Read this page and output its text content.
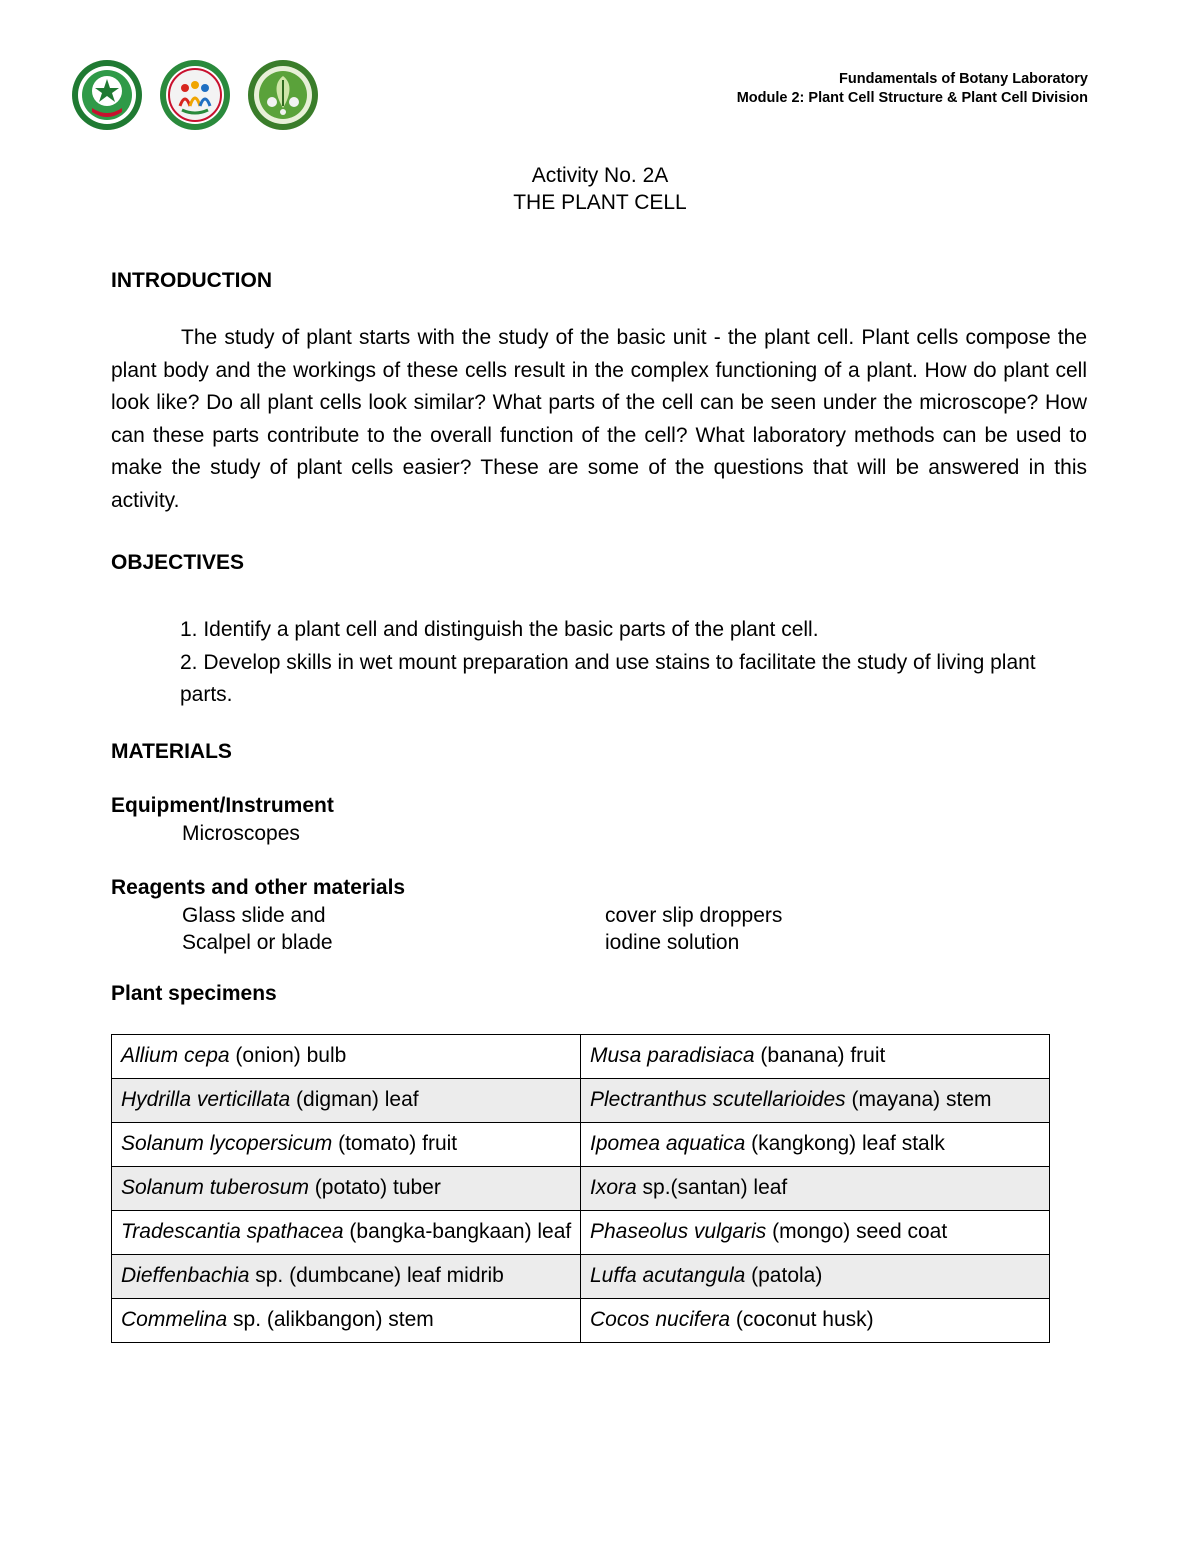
Fundamentals of Botany Laboratory
Module 2: Plant Cell Structure & Plant Cell Division
Activity No. 2A
THE PLANT CELL
INTRODUCTION
The study of plant starts with the study of the basic unit - the plant cell. Plant cells compose the plant body and the workings of these cells result in the complex functioning of a plant. How do plant cell look like? Do all plant cells look similar? What parts of the cell can be seen under the microscope? How can these parts contribute to the overall function of the cell? What laboratory methods can be used to make the study of plant cells easier? These are some of the questions that will be answered in this activity.
OBJECTIVES

1. Identify a plant cell and distinguish the basic parts of the plant cell.

2. Develop skills in wet mount preparation and use stains to facilitate the study of living plant parts.

MATERIALS
Equipment/Instrument
Microscopes
Reagents and other materials
Glass slide and
Scalpel or blade
cover slip droppers
iodine solution
Plant specimens
Allium cepa (onion) bulb	Musa paradisiaca (banana) fruit
Hydrilla verticillata (digman) leaf	Plectranthus scutellarioides (mayana) stem
Solanum lycopersicum (tomato) fruit	Ipomea aquatica (kangkong) leaf stalk
Solanum tuberosum (potato) tuber	Ixora sp.(santan) leaf
Tradescantia spathacea (bangka-bangkaan) leaf	Phaseolus vulgaris (mongo) seed coat
Dieffenbachia sp. (dumbcane) leaf midrib	Luffa acutangula (patola)
Commelina sp. (alikbangon) stem	Cocos nucifera (coconut husk)
